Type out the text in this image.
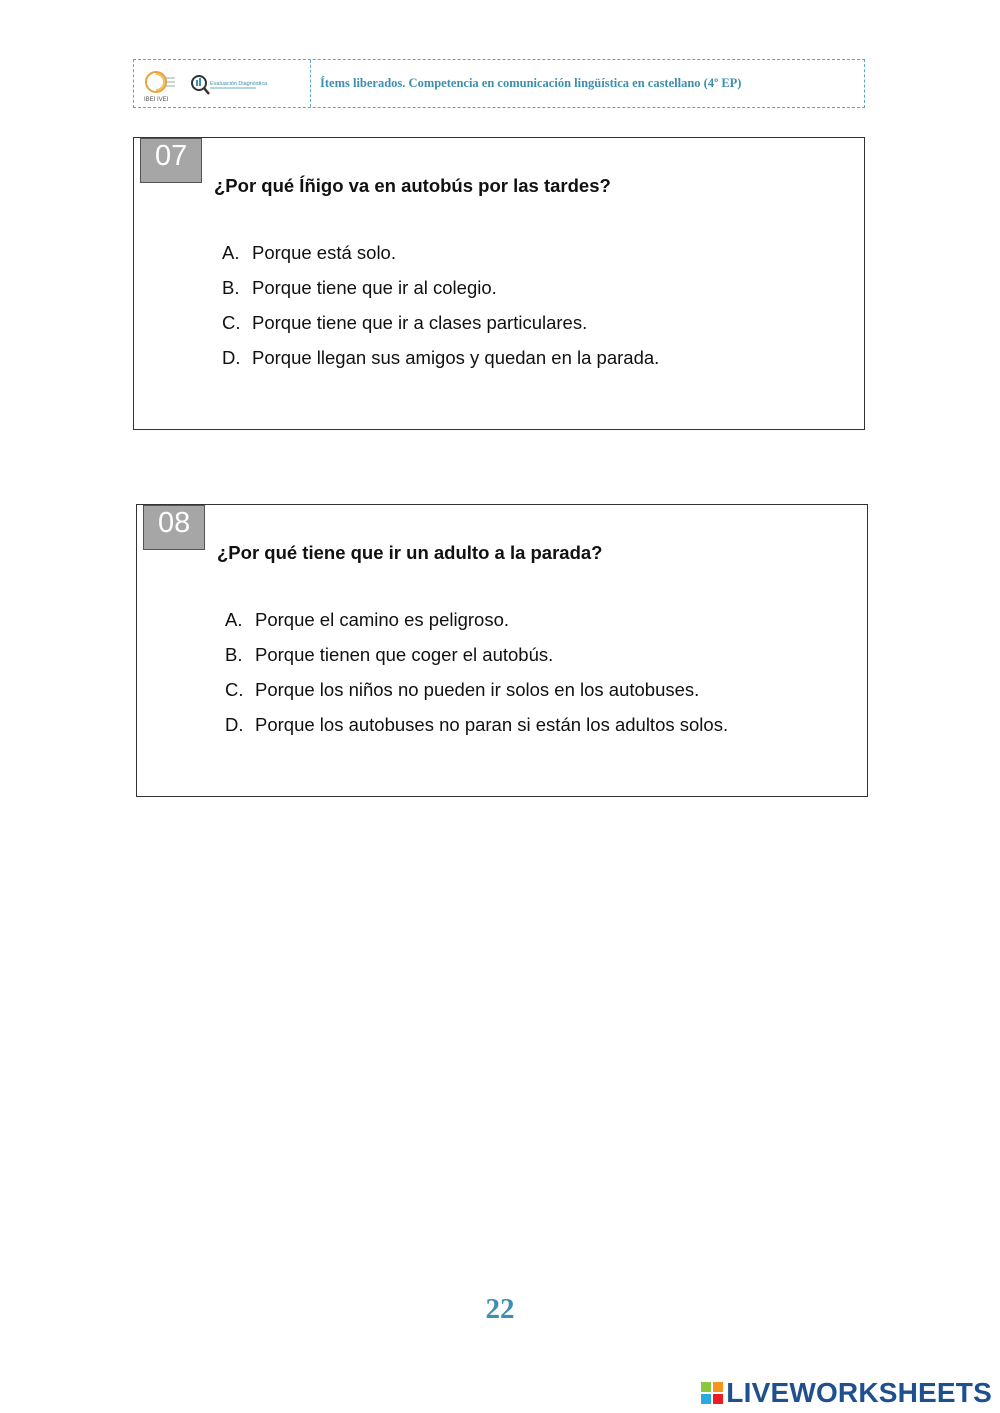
IBEI IVEI
Evaluación Diagnóstica	Ítems liberados. Competencia en comunicación lingüística en castellano (4º EP)
07
¿Por qué Íñigo va en autobús por las tardes?
A. Porque está solo.
B. Porque tiene que ir al colegio.
C. Porque tiene que ir a clases particulares.
D. Porque llegan sus amigos y quedan en la parada.
08
¿Por qué tiene que ir un adulto a la parada?
A. Porque el camino es peligroso.
B. Porque tienen que coger el autobús.
C. Porque los niños no pueden ir solos en los autobuses.
D. Porque los autobuses no paran si están los adultos solos.
22
LIVEWORKSHEETS
